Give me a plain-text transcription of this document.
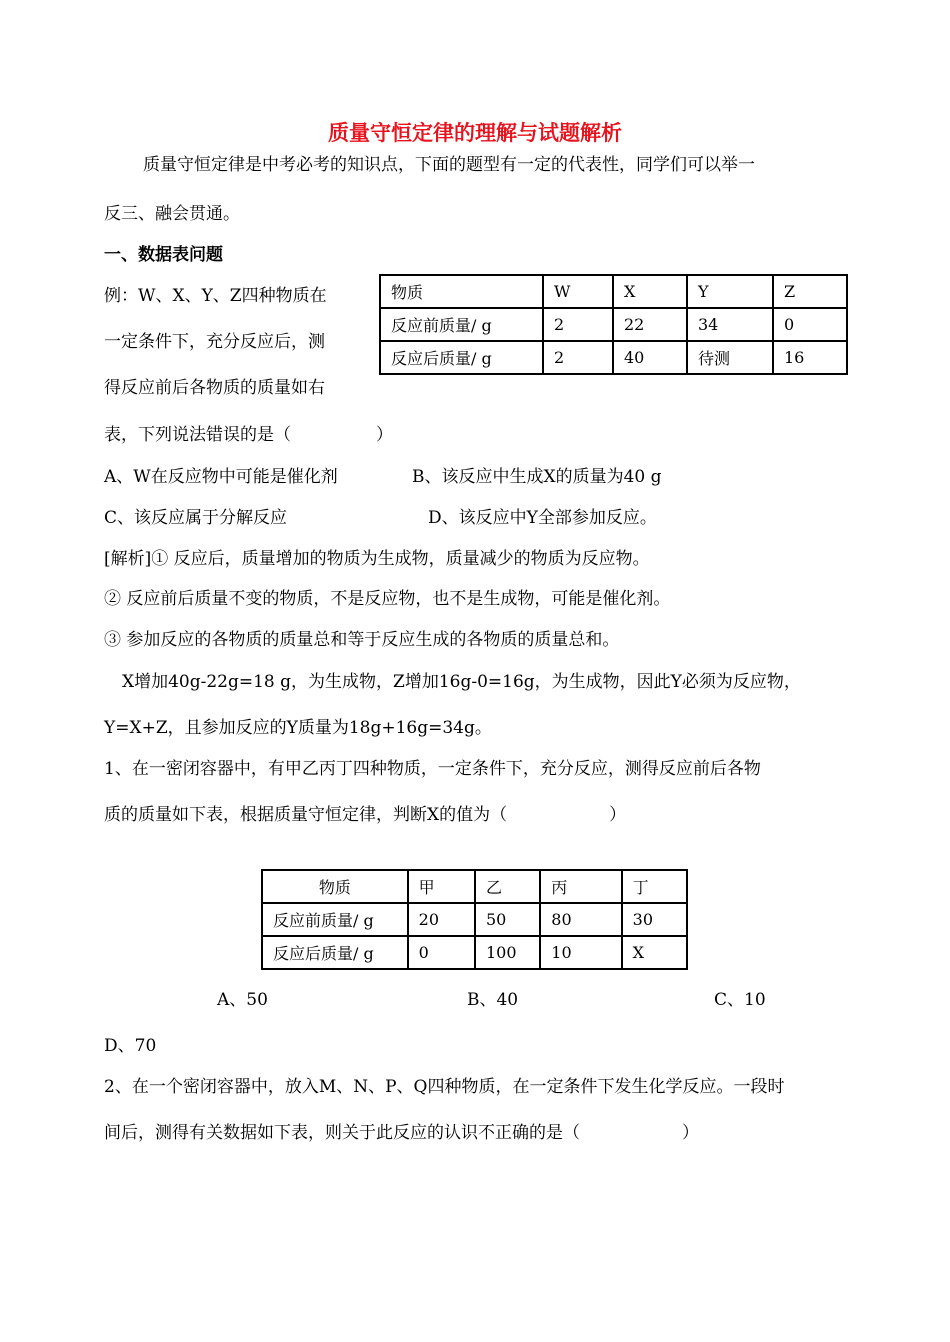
质量守恒定律的理解与试题解析
质量守恒定律是中考必考的知识点，下面的题型有一定的代表性，同学们可以举一
反三、融会贯通。
一、数据表问题
例：W、X、Y、Z四种物质在
一定条件下，充分反应后，测
得反应前后各物质的质量如右
表，下列说法错误的是（　　　　　）
物质	W	X	Y	Z
反应前质量/ g	2	22	34	0
反应后质量/ g	2	40	待测	16
A、W在反应物中可能是催化剂	B、该反应中生成X的质量为40 g
C、该反应属于分解反应	D、该反应中Y全部参加反应。
[解析]① 反应后，质量增加的物质为生成物，质量减少的物质为反应物。
② 反应前后质量不变的物质，不是反应物，也不是生成物，可能是催化剂。
③ 参加反应的各物质的质量总和等于反应生成的各物质的质量总和。
X增加40g-22g=18 g，为生成物，Z增加16g-0=16g，为生成物，因此Y必须为反应物，
Y=X+Z，且参加反应的Y质量为18g+16g=34g。
1、在一密闭容器中，有甲乙丙丁四种物质，一定条件下，充分反应，测得反应前后各物
质的质量如下表，根据质量守恒定律，判断X的值为（　　　　　　）
物质	甲	乙	丙	丁
反应前质量/ g	20	50	80	30
反应后质量/ g	0	100	10	X
A、50	B、40	C、10
D、70
2、在一个密闭容器中，放入M、N、P、Q四种物质，在一定条件下发生化学反应。一段时
间后，测得有关数据如下表，则关于此反应的认识不正确的是（　　　　　　）
